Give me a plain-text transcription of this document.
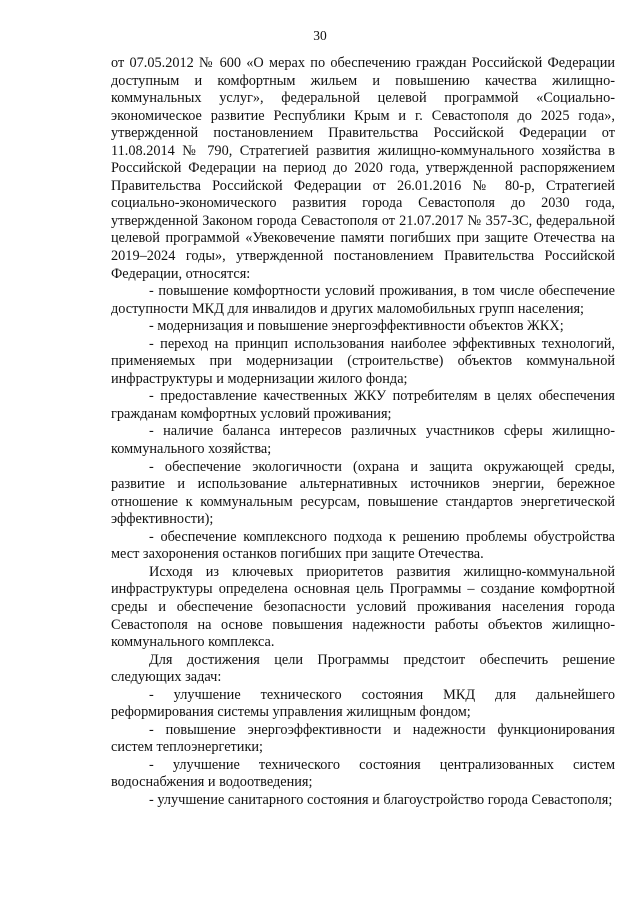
30

от 07.05.2012 № 600 «О мерах по обеспечению граждан Российской Федерации доступным и комфортным жильем и повышению качества жилищно-коммунальных услуг», федеральной целевой программой «Социально-экономическое развитие Республики Крым и г. Севастополя до 2025 года», утвержденной постановлением Правительства Российской Федерации от 11.08.2014 № 790, Стратегией развития жилищно-коммунального хозяйства в Российской Федерации на период до 2020 года, утвержденной распоряжением Правительства Российской Федерации от 26.01.2016 № 80-р, Стратегией социально-экономического развития города Севастополя до 2030 года, утвержденной Законом города Севастополя от 21.07.2017 № 357-ЗС, федеральной целевой программой «Увековечение памяти погибших при защите Отечества на 2019–2024 годы», утвержденной постановлением Правительства Российской Федерации, относятся:

- повышение комфортности условий проживания, в том числе обеспечение доступности МКД для инвалидов и других маломобильных групп населения;

- модернизация и повышение энергоэффективности объектов ЖКХ;

- переход на принцип использования наиболее эффективных технологий, применяемых при модернизации (строительстве) объектов коммунальной инфраструктуры и модернизации жилого фонда;

- предоставление качественных ЖКУ потребителям в целях обеспечения гражданам комфортных условий проживания;

- наличие баланса интересов различных участников сферы жилищно-коммунального хозяйства;

- обеспечение экологичности (охрана и защита окружающей среды, развитие и использование альтернативных источников энергии, бережное отношение к коммунальным ресурсам, повышение стандартов энергетической эффективности);

- обеспечение комплексного подхода к решению проблемы обустройства мест захоронения останков погибших при защите Отечества.

Исходя из ключевых приоритетов развития жилищно-коммунальной инфраструктуры определена основная цель Программы – создание комфортной среды и обеспечение безопасности условий проживания населения города Севастополя на основе повышения надежности работы объектов жилищно-коммунального комплекса.

Для достижения цели Программы предстоит обеспечить решение следующих задач:

- улучшение технического состояния МКД для дальнейшего реформирования системы управления жилищным фондом;

- повышение энергоэффективности и надежности функционирования систем теплоэнергетики;

- улучшение технического состояния централизованных систем водоснабжения и водоотведения;

- улучшение санитарного состояния и благоустройство города Севастополя;
